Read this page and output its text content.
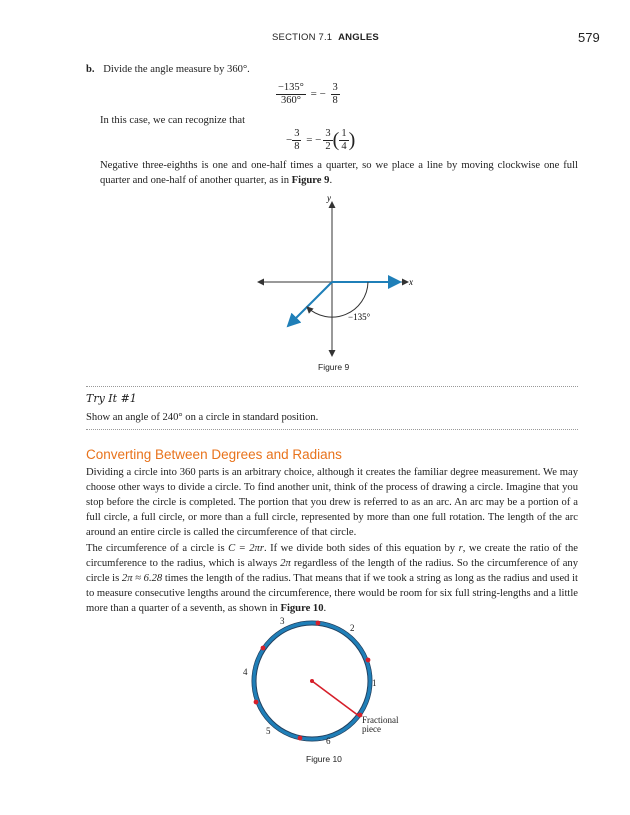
SECTION 7.1 ANGLES	579
b. Divide the angle measure by 360°.
$\frac{-135^\circ}{360^\circ}$ = − $\frac{3}{8}$
In this case, we can recognize that
− $\frac{3}{8}$ = − $\frac{3}{2}$ ( $\frac{1}{4}$ )
Negative three-eighths is one and one-half times a quarter, so we place a line by moving clockwise one full quarter and one-half of another quarter, as in Figure 9.
y
x
−135°
Figure 9
Try It #1
Show an angle of 240° on a circle in standard position.
Converting Between Degrees and Radians
Dividing a circle into 360 parts is an arbitrary choice, although it creates the familiar degree measurement. We may choose other ways to divide a circle. To find another unit, think of the process of drawing a circle. Imagine that you stop before the circle is completed. The portion that you drew is referred to as an arc. An arc may be a portion of a full circle, a full circle, or more than a full circle, represented by more than one full rotation. The length of the arc around an entire circle is called the circumference of that circle.
The circumference of a circle is C = 2πr. If we divide both sides of this equation by r, we create the ratio of the circumference to the radius, which is always 2π regardless of the length of the radius. So the circumference of any circle is 2π ≈ 6.28 times the length of the radius. That means that if we took a string as long as the radius and used it to measure consecutive lengths around the circumference, there would be room for six full string-lengths and a little more than a quarter of a seventh, as shown in Figure 10.
1
2
3
4
5
6
Fractional
piece
Figure 10
